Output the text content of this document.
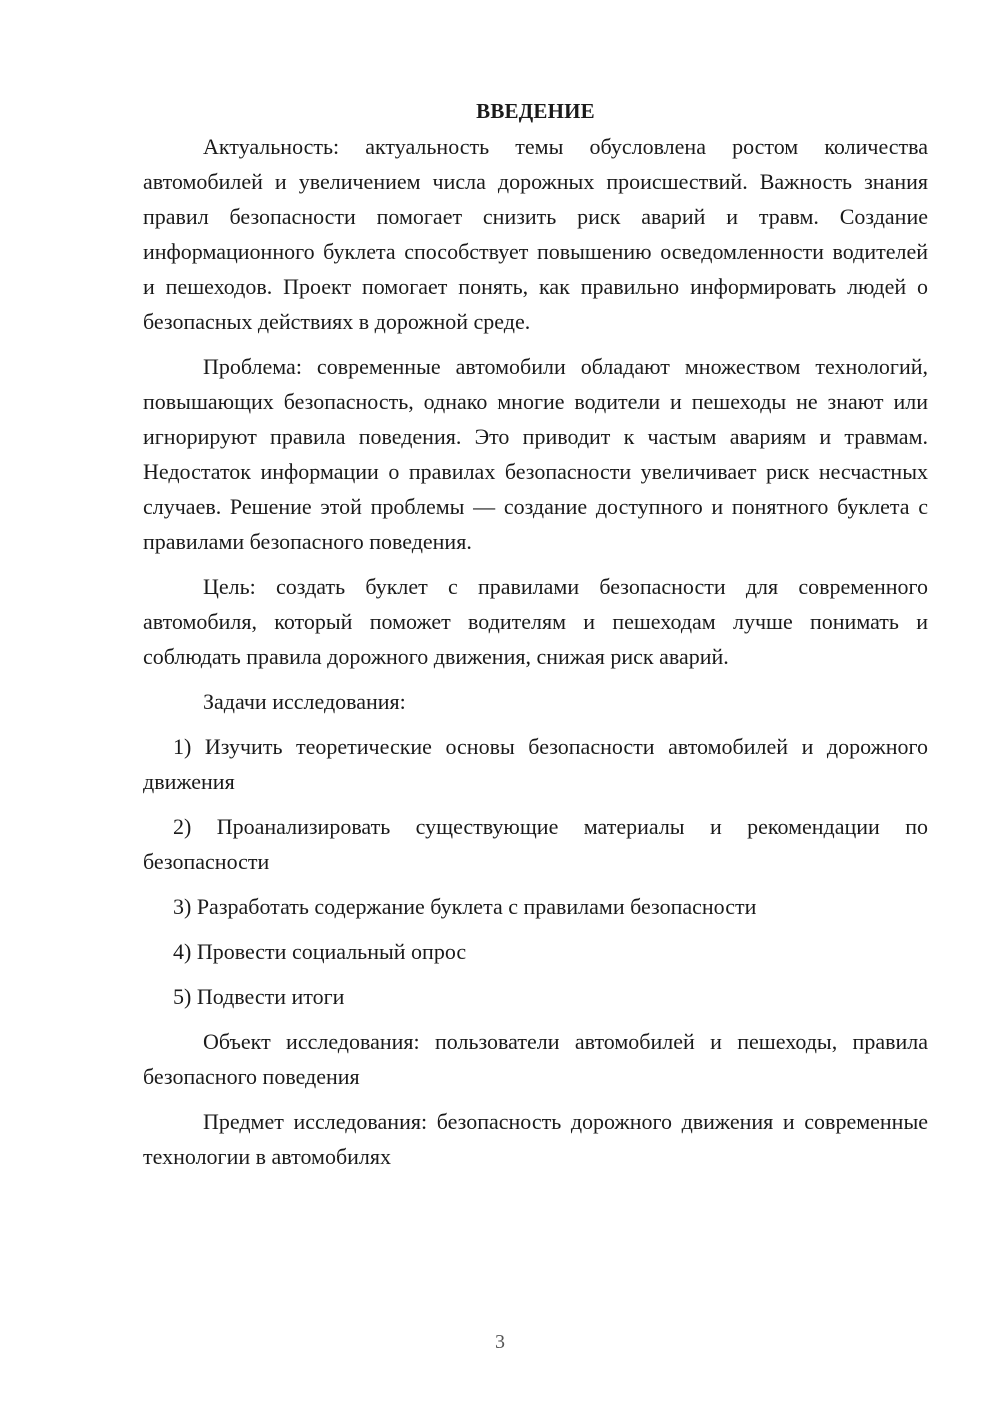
ВВЕДЕНИЕ

Актуальность: актуальность темы обусловлена ростом количества автомобилей и увеличением числа дорожных происшествий. Важность знания правил безопасности помогает снизить риск аварий и травм. Создание информационного буклета способствует повышению осведомленности водителей и пешеходов. Проект помогает понять, как правильно информировать людей о безопасных действиях в дорожной среде.

Проблема: современные автомобили обладают множеством технологий, повышающих безопасность, однако многие водители и пешеходы не знают или игнорируют правила поведения. Это приводит к частым авариям и травмам. Недостаток информации о правилах безопасности увеличивает риск несчастных случаев. Решение этой проблемы — создание доступного и понятного буклета с правилами безопасного поведения.

Цель: создать буклет с правилами безопасности для современного автомобиля, который поможет водителям и пешеходам лучше понимать и соблюдать правила дорожного движения, снижая риск аварий.

Задачи исследования:

1) Изучить теоретические основы безопасности автомобилей и дорожного движения

2) Проанализировать существующие материалы и рекомендации по безопасности

3) Разработать содержание буклета с правилами безопасности

4) Провести социальный опрос

5) Подвести итоги

Объект исследования: пользователи автомобилей и пешеходы, правила безопасного поведения

Предмет исследования: безопасность дорожного движения и современные технологии в автомобилях

3
